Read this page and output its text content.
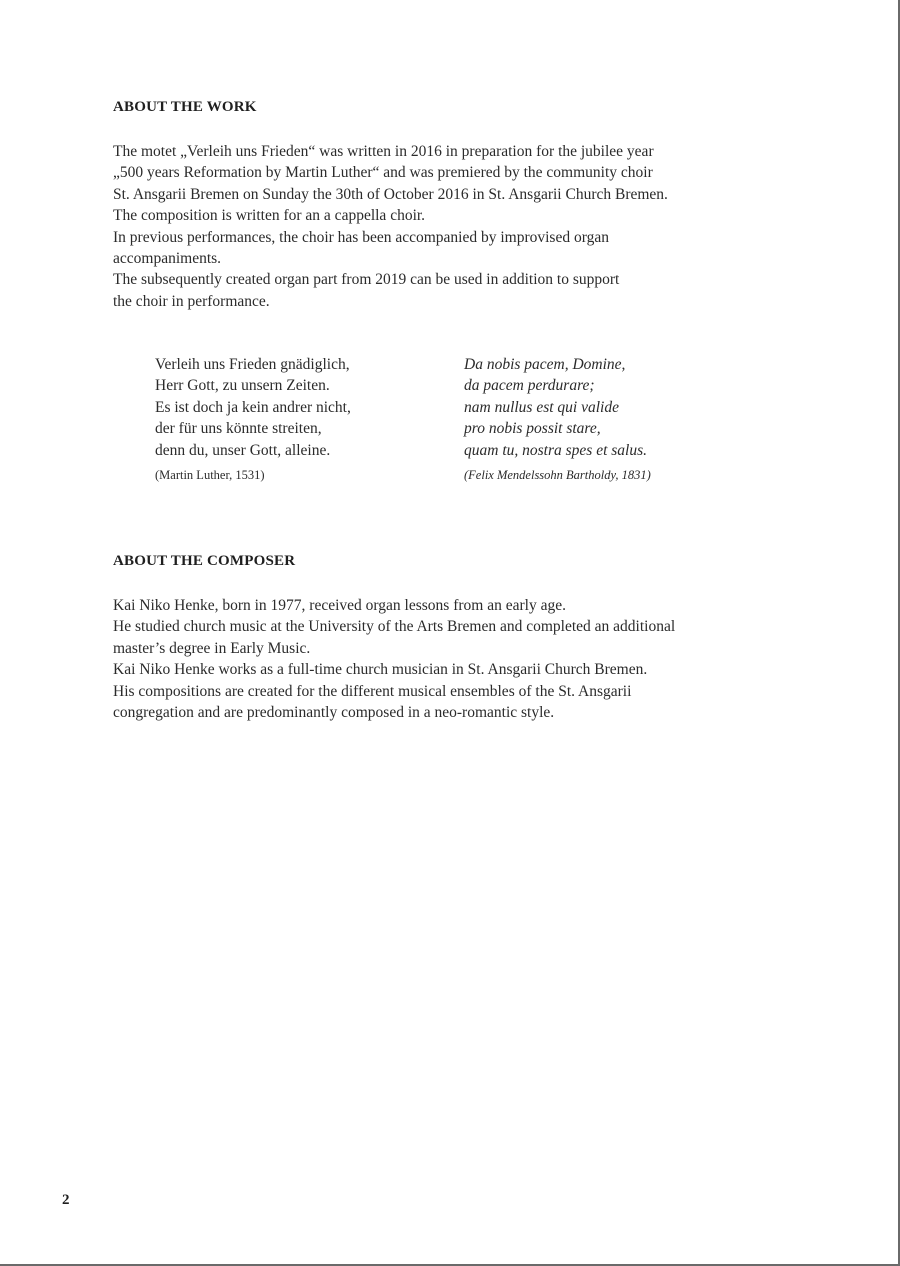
ABOUT THE WORK

The motet „Verleih uns Frieden“ was written in 2016 in preparation for the jubilee year
„500 years Reformation by Martin Luther“ and was premiered by the community choir
St. Ansgarii Bremen on Sunday the 30th of October 2016 in St. Ansgarii Church Bremen.
The composition is written for an a cappella choir.
In previous performances, the choir has been accompanied by improvised organ
accompaniments.
The subsequently created organ part from 2019 can be used in addition to support
the choir in performance.

Verleih uns Frieden gnädiglich,
Herr Gott, zu unsern Zeiten.
Es ist doch ja kein andrer nicht,
der für uns könnte streiten,
denn du, unser Gott, alleine.
(Martin Luther, 1531)
Da nobis pacem, Domine,
da pacem perdurare;
nam nullus est qui valide
pro nobis possit stare,
quam tu, nostra spes et salus.
(Felix Mendelssohn Bartholdy, 1831)
ABOUT THE COMPOSER

Kai Niko Henke, born in 1977, received organ lessons from an early age.
He studied church music at the University of the Arts Bremen and completed an additional
master’s degree in Early Music.
Kai Niko Henke works as a full-time church musician in St. Ansgarii Church Bremen.
His compositions are created for the different musical ensembles of the St. Ansgarii
congregation and are predominantly composed in a neo-romantic style.

2
